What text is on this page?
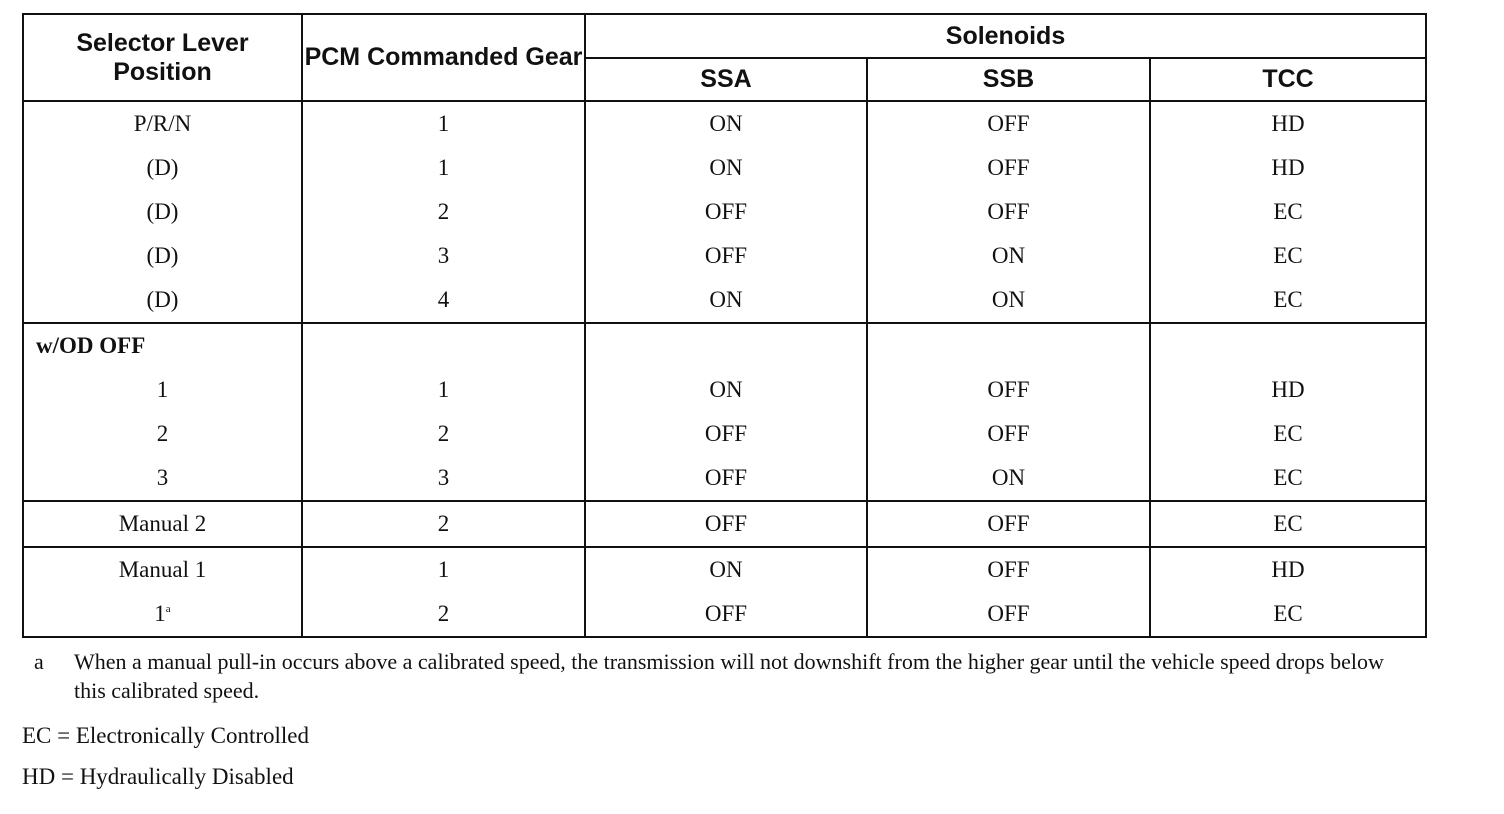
Selector Lever Position	PCM Commanded Gear	Solenoids		
		SSA	SSB	TCC
P/R/N	1	ON	OFF	HD
(D)	1	ON	OFF	HD
(D)	2	OFF	OFF	EC
(D)	3	OFF	ON	EC
(D)	4	ON	ON	EC
w/OD OFF				
1	1	ON	OFF	HD
2	2	OFF	OFF	EC
3	3	OFF	ON	EC
Manual 2	2	OFF	OFF	EC
Manual 1	1	ON	OFF	HD
1$^a$	2	OFF	OFF	EC
a When a manual pull-in occurs above a calibrated speed, the transmission will not downshift from the higher gear until the vehicle speed drops below this calibrated speed.
EC = Electronically Controlled
HD = Hydraulically Disabled
